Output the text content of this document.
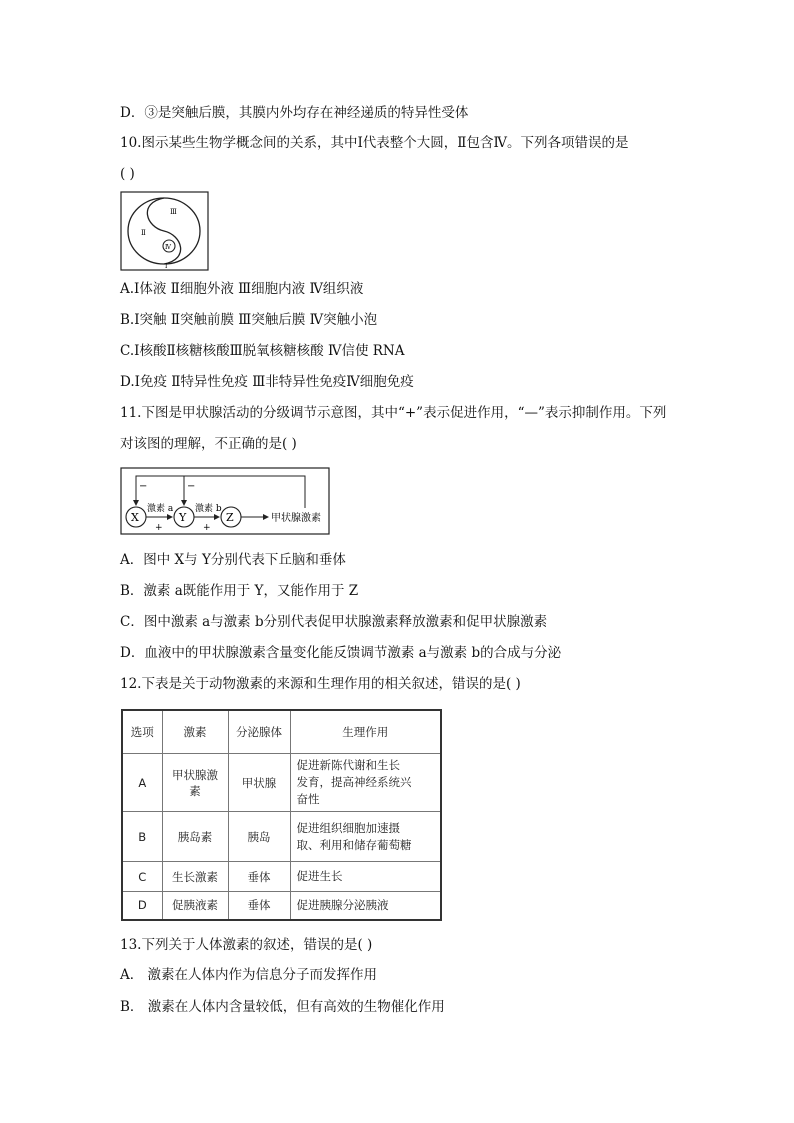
D．③是突触后膜，其膜内外均存在神经递质的特异性受体
10.图示某些生物学概念间的关系，其中Ⅰ代表整个大圆，Ⅱ包含Ⅳ。下列各项错误的是
( )
Ⅲ
Ⅱ
Ⅳ
Ⅰ
A.Ⅰ体液 Ⅱ细胞外液 Ⅲ细胞内液 Ⅳ组织液
B.Ⅰ突触 Ⅱ突触前膜 Ⅲ突触后膜 Ⅳ突触小泡
C.Ⅰ核酸Ⅱ核糖核酸Ⅲ脱氧核糖核酸 Ⅳ信使 RNA
D.Ⅰ免疫 Ⅱ特异性免疫 Ⅲ非特异性免疫Ⅳ细胞免疫
11.下图是甲状腺活动的分级调节示意图，其中“+”表示促进作用，“—”表示抑制作用。下列
对该图的理解，不正确的是( )
−	−
X	Y	Z
激素 a 激素 b
+	+
甲状腺激素
A．图中 X与 Y分别代表下丘脑和垂体
B．激素 a既能作用于 Y，又能作用于 Z
C．图中激素 a与激素 b分别代表促甲状腺激素释放激素和促甲状腺激素
D．血液中的甲状腺激素含量变化能反馈调节激素 a与激素 b的合成与分泌
12.下表是关于动物激素的来源和生理作用的相关叙述，错误的是( )
选项	激素	分泌腺体	生理作用
A	甲状腺激素	甲状腺	促进新陈代谢和生长
发育，提高神经系统兴
奋性

B	胰岛素	胰岛	促进组织细胞加速摄
取、利用和储存葡萄糖

C	生长激素	垂体	促进生长
D	促胰液素	垂体	促进胰腺分泌胰液
13.下列关于人体激素的叙述，错误的是( )
A． 激素在人体内作为信息分子而发挥作用
B． 激素在人体内含量较低，但有高效的生物催化作用
